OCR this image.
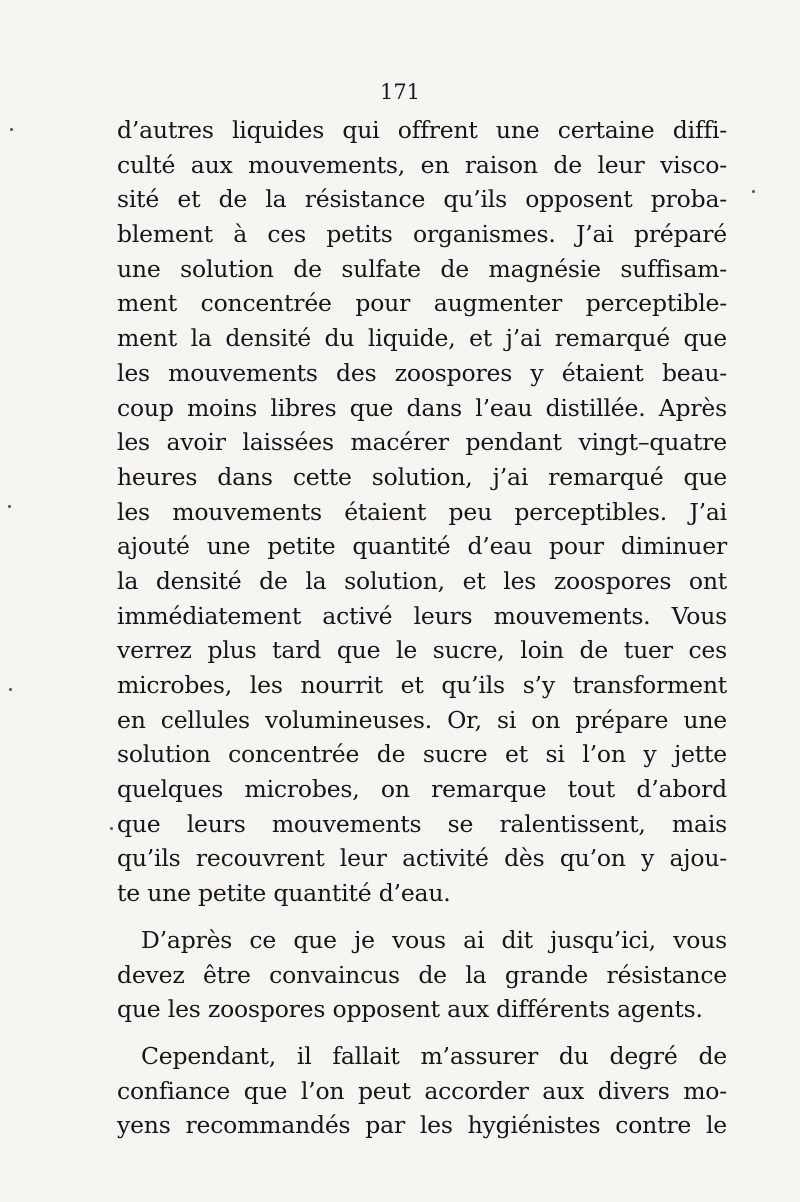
171
d’autres liquides qui offrent une certaine diffi-
culté aux mouvements, en raison de leur visco-
sité et de la résistance qu’ils opposent proba-
blement à ces petits organismes. J’ai préparé
une solution de sulfate de magnésie suffisam-
ment concentrée pour augmenter perceptible-
ment la densité du liquide, et j’ai remarqué que
les mouvements des zoospores y étaient beau-
coup moins libres que dans l’eau distillée. Après
les avoir laissées macérer pendant vingt–quatre
heures dans cette solution, j’ai remarqué que
les mouvements étaient peu perceptibles. J’ai
ajouté une petite quantité d’eau pour diminuer
la densité de la solution, et les zoospores ont
immédiatement activé leurs mouvements. Vous
verrez plus tard que le sucre, loin de tuer ces
microbes, les nourrit et qu’ils s’y transforment
en cellules volumineuses. Or, si on prépare une
solution concentrée de sucre et si l’on y jette
quelques microbes, on remarque tout d’abord
que leurs mouvements se ralentissent, mais
qu’ils recouvrent leur activité dès qu’on y ajou-
te une petite quantité d’eau.
D’après ce que je vous ai dit jusqu’ici, vous
devez être convaincus de la grande résistance
que les zoospores opposent aux différents agents.
Cependant, il fallait m’assurer du degré de
confiance que l’on peut accorder aux divers mo-
yens recommandés par les hygiénistes contre le
